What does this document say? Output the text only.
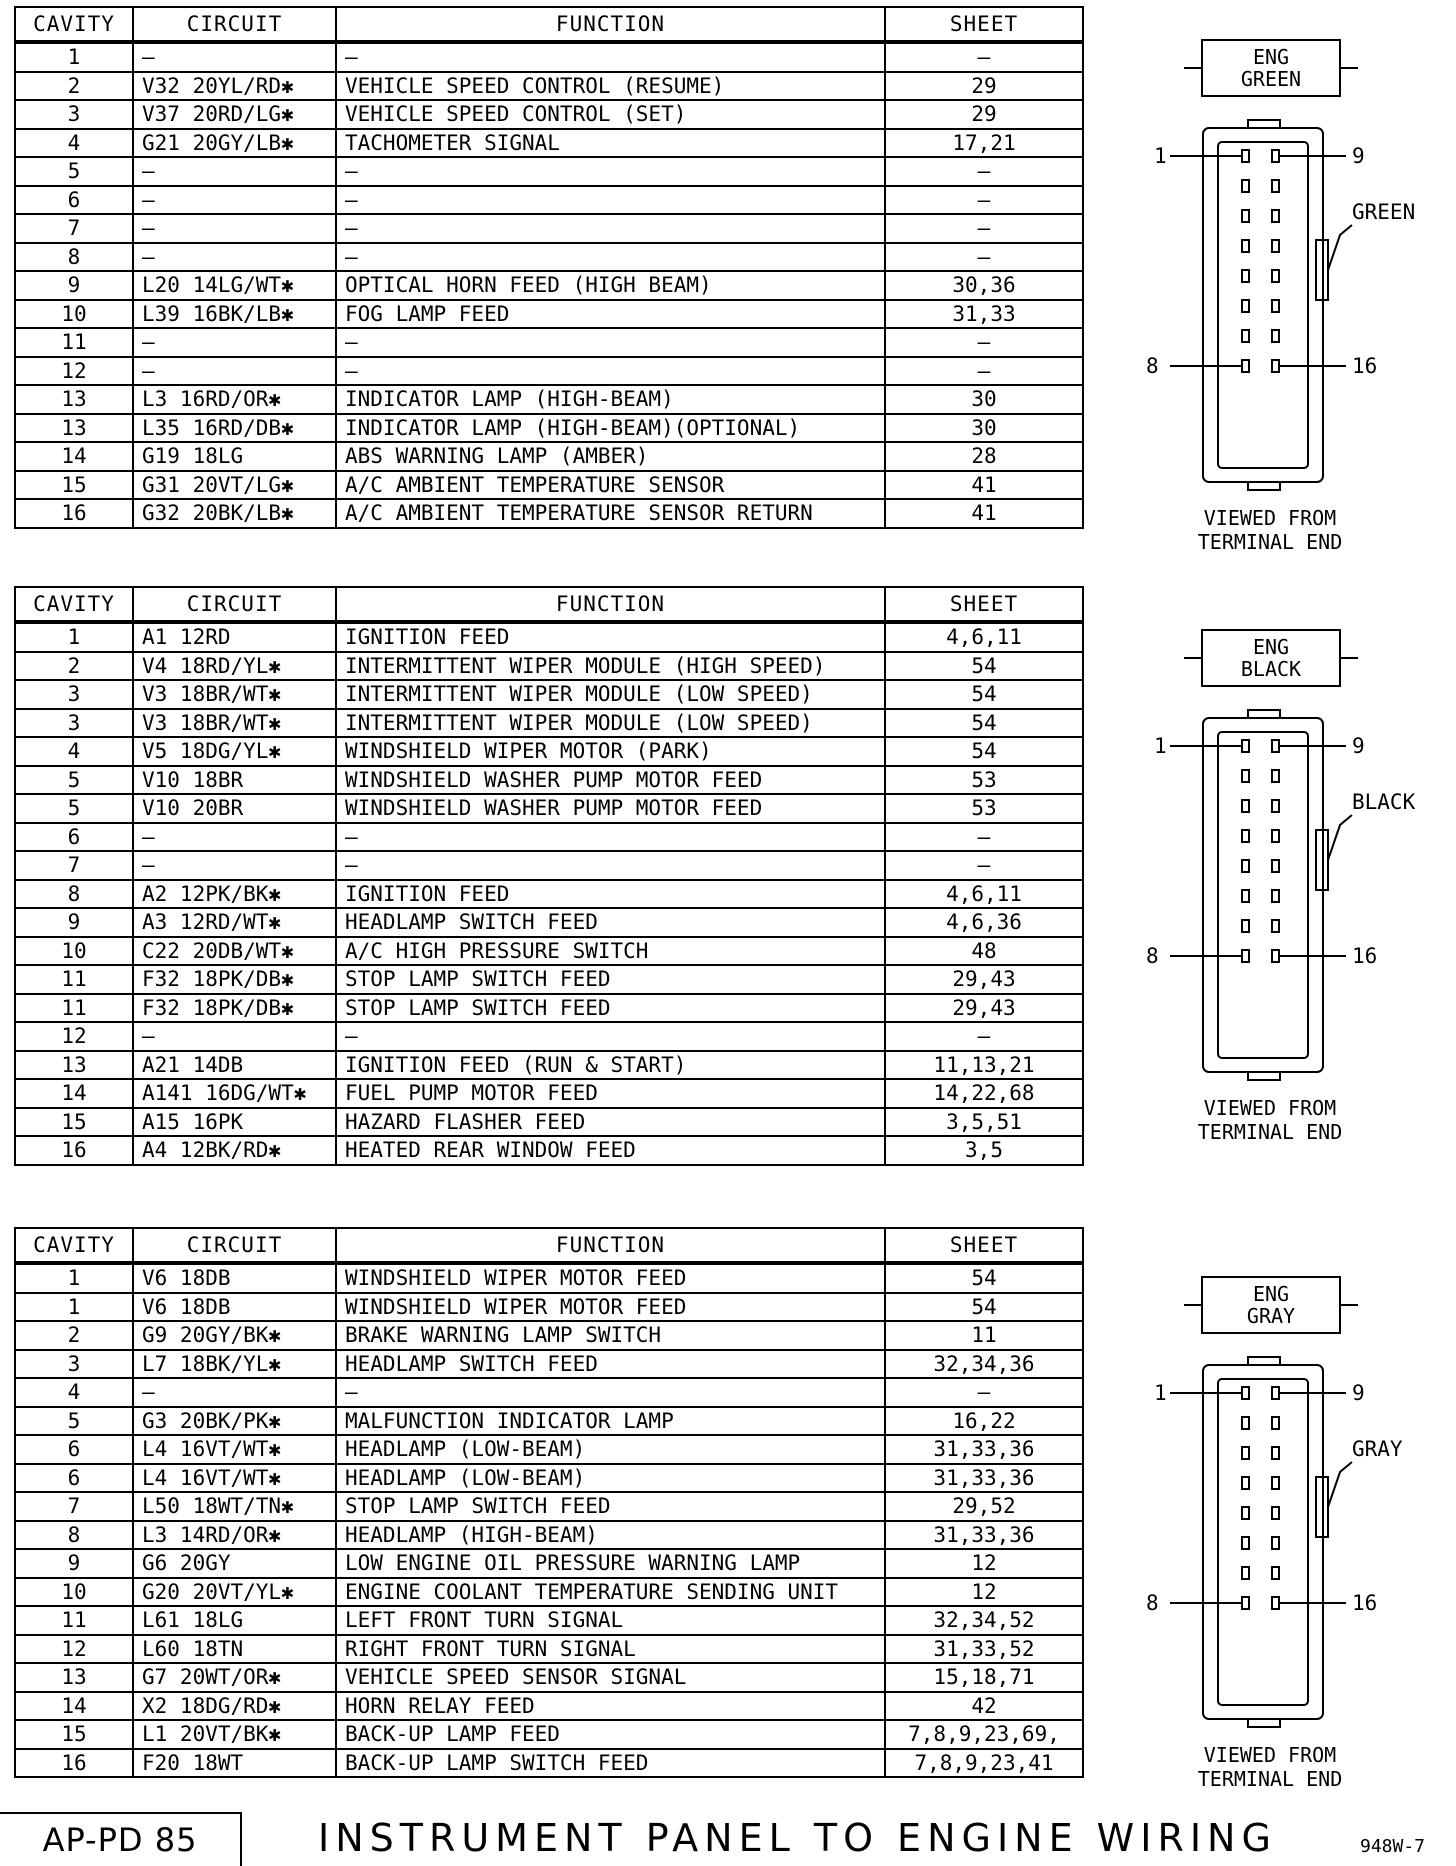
CAVITY	CIRCUIT	FUNCTION	SHEET
1	—	—	—
2	V32 20YL/RD✱	VEHICLE SPEED CONTROL (RESUME)	29
3	V37 20RD/LG✱	VEHICLE SPEED CONTROL (SET)	29
4	G21 20GY/LB✱	TACHOMETER SIGNAL	17,21
5	—	—	—
6	—	—	—
7	—	—	—
8	—	—	—
9	L20 14LG/WT✱	OPTICAL HORN FEED (HIGH BEAM)	30,36
10	L39 16BK/LB✱	FOG LAMP FEED	31,33
11	—	—	—
12	—	—	—
13	L3 16RD/OR✱	INDICATOR LAMP (HIGH-BEAM)	30
13	L35 16RD/DB✱	INDICATOR LAMP (HIGH-BEAM)(OPTIONAL)	30
14	G19 18LG	ABS WARNING LAMP (AMBER)	28
15	G31 20VT/LG✱	A/C AMBIENT TEMPERATURE SENSOR	41
16	G32 20BK/LB✱	A/C AMBIENT TEMPERATURE SENSOR RETURN	41
CAVITY	CIRCUIT	FUNCTION	SHEET
1	A1 12RD	IGNITION FEED	4,6,11
2	V4 18RD/YL✱	INTERMITTENT WIPER MODULE (HIGH SPEED)	54
3	V3 18BR/WT✱	INTERMITTENT WIPER MODULE (LOW SPEED)	54
3	V3 18BR/WT✱	INTERMITTENT WIPER MODULE (LOW SPEED)	54
4	V5 18DG/YL✱	WINDSHIELD WIPER MOTOR (PARK)	54
5	V10 18BR	WINDSHIELD WASHER PUMP MOTOR FEED	53
5	V10 20BR	WINDSHIELD WASHER PUMP MOTOR FEED	53
6	—	—	—
7	—	—	—
8	A2 12PK/BK✱	IGNITION FEED	4,6,11
9	A3 12RD/WT✱	HEADLAMP SWITCH FEED	4,6,36
10	C22 20DB/WT✱	A/C HIGH PRESSURE SWITCH	48
11	F32 18PK/DB✱	STOP LAMP SWITCH FEED	29,43
11	F32 18PK/DB✱	STOP LAMP SWITCH FEED	29,43
12	—	—	—
13	A21 14DB	IGNITION FEED (RUN & START)	11,13,21
14	A141 16DG/WT✱	FUEL PUMP MOTOR FEED	14,22,68
15	A15 16PK	HAZARD FLASHER FEED	3,5,51
16	A4 12BK/RD✱	HEATED REAR WINDOW FEED	3,5
CAVITY	CIRCUIT	FUNCTION	SHEET
1	V6 18DB	WINDSHIELD WIPER MOTOR FEED	54
1	V6 18DB	WINDSHIELD WIPER MOTOR FEED	54
2	G9 20GY/BK✱	BRAKE WARNING LAMP SWITCH	11
3	L7 18BK/YL✱	HEADLAMP SWITCH FEED	32,34,36
4	—	—	—
5	G3 20BK/PK✱	MALFUNCTION INDICATOR LAMP	16,22
6	L4 16VT/WT✱	HEADLAMP (LOW-BEAM)	31,33,36
6	L4 16VT/WT✱	HEADLAMP (LOW-BEAM)	31,33,36
7	L50 18WT/TN✱	STOP LAMP SWITCH FEED	29,52
8	L3 14RD/OR✱	HEADLAMP (HIGH-BEAM)	31,33,36
9	G6 20GY	LOW ENGINE OIL PRESSURE WARNING LAMP	12
10	G20 20VT/YL✱	ENGINE COOLANT TEMPERATURE SENDING UNIT	12
11	L61 18LG	LEFT FRONT TURN SIGNAL	32,34,52
12	L60 18TN	RIGHT FRONT TURN SIGNAL	31,33,52
13	G7 20WT/OR✱	VEHICLE SPEED SENSOR SIGNAL	15,18,71
14	X2 18DG/RD✱	HORN RELAY FEED	42
15	L1 20VT/BK✱	BACK-UP LAMP FEED	7,8,9,23,69,
16	F20 18WT	BACK-UP LAMP SWITCH FEED	7,8,9,23,41
ENG
GREEN
1	9
8	16
GREEN
VIEWED FROM
TERMINAL END
ENG
BLACK
1	9
8	16
BLACK
VIEWED FROM
TERMINAL END
ENG
GRAY
1	9
8	16
GRAY
VIEWED FROM
TERMINAL END
AP-PD 85	INSTRUMENT PANEL TO ENGINE WIRING	948W-7
